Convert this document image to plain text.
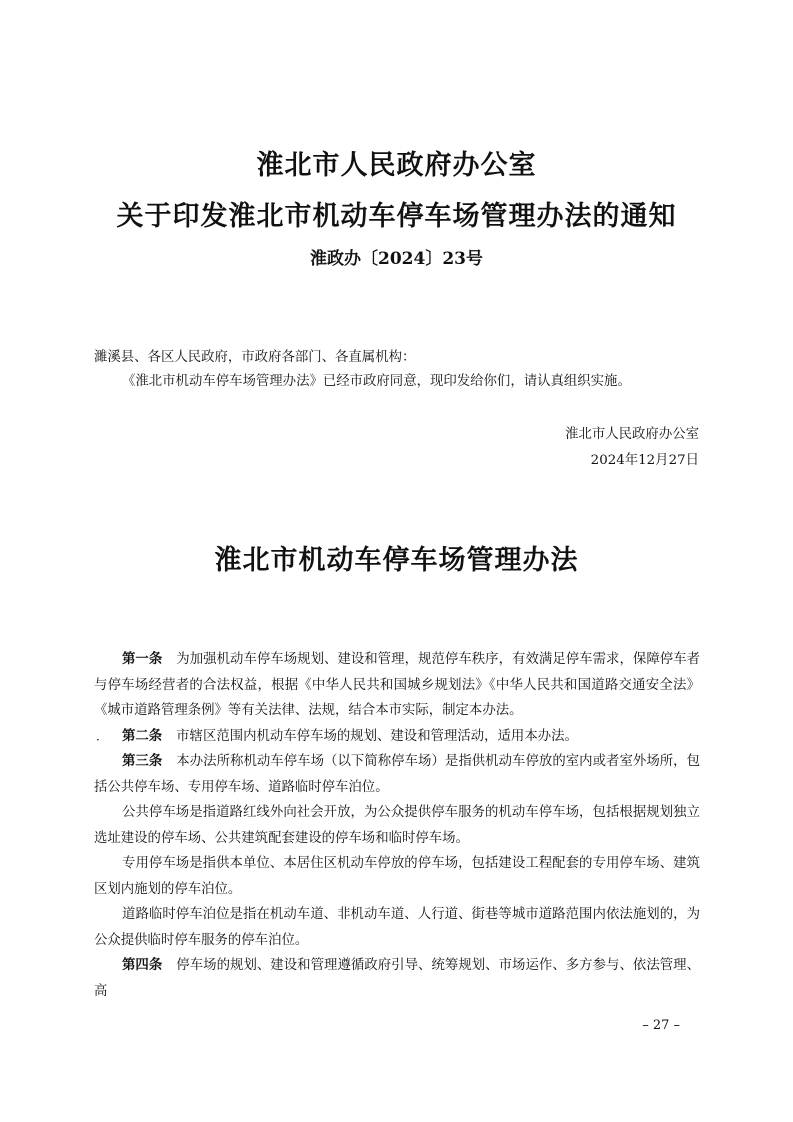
淮北市人民政府办公室
关于印发淮北市机动车停车场管理办法的通知
淮政办〔2024〕23号
濉溪县、各区人民政府，市政府各部门、各直属机构：
《淮北市机动车停车场管理办法》已经市政府同意，现印发给你们，请认真组织实施。
淮北市人民政府办公室
2024年12月27日
淮北市机动车停车场管理办法
·

第一条 为加强机动车停车场规划、建设和管理，规范停车秩序，有效满足停车需求，保障停车者与停车场经营者的合法权益，根据《中华人民共和国城乡规划法》《中华人民共和国道路交通安全法》《城市道路管理条例》等有关法律、法规，结合本市实际，制定本办法。

第二条 市辖区范围内机动车停车场的规划、建设和管理活动，适用本办法。

第三条 本办法所称机动车停车场（以下简称停车场）是指供机动车停放的室内或者室外场所，包括公共停车场、专用停车场、道路临时停车泊位。

公共停车场是指道路红线外向社会开放，为公众提供停车服务的机动车停车场，包括根据规划独立选址建设的停车场、公共建筑配套建设的停车场和临时停车场。

专用停车场是指供本单位、本居住区机动车停放的停车场，包括建设工程配套的专用停车场、建筑区划内施划的停车泊位。

道路临时停车泊位是指在机动车道、非机动车道、人行道、街巷等城市道路范围内依法施划的，为公众提供临时停车服务的停车泊位。

第四条 停车场的规划、建设和管理遵循政府引导、统筹规划、市场运作、多方参与、依法管理、高

– 27 –
